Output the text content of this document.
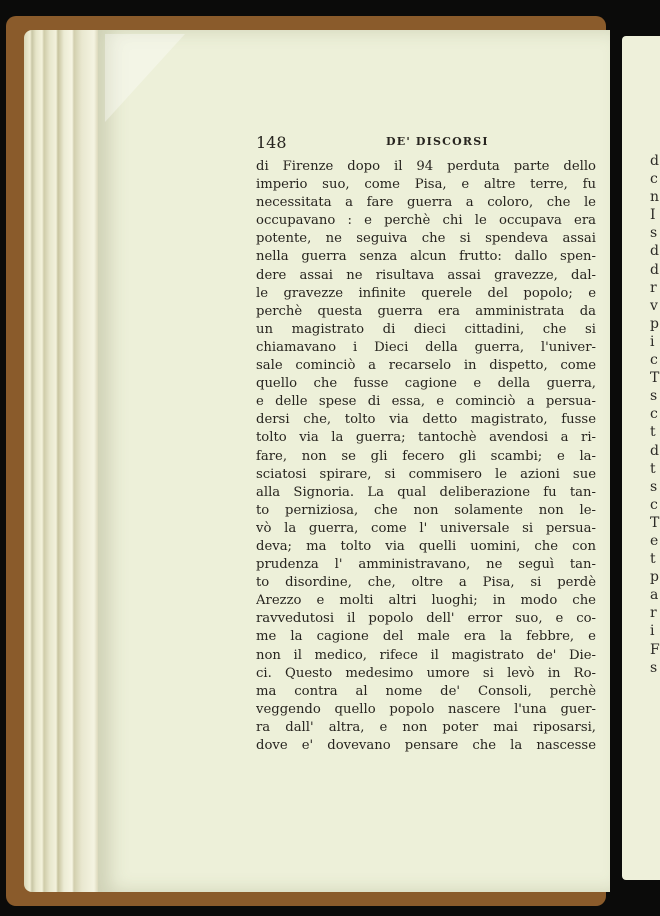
d
c
n
I
s
d
d
r
v
p
i
c
T
s
c
t
d
t
s
c
T
e
t
p
a
r
i
F
s
148	DE' DISCORSI
di Firenze dopo il 94 perduta parte dello
imperio suo, come Pisa, e altre terre, fu
necessitata a fare guerra a coloro, che le
occupavano : e perchè chi le occupava era
potente, ne seguiva che si spendeva assai
nella guerra senza alcun frutto: dallo spen-
dere assai ne risultava assai gravezze, dal-
le gravezze infinite querele del popolo; e
perchè questa guerra era amministrata da
un magistrato di dieci cittadini, che si
chiamavano i Dieci della guerra, l'univer-
sale cominciò a recarselo in dispetto, come
quello che fusse cagione e della guerra,
e delle spese di essa, e cominciò a persua-
dersi che, tolto via detto magistrato, fusse
tolto via la guerra; tantochè avendosi a ri-
fare, non se gli fecero gli scambi; e la-
sciatosi spirare, si commisero le azioni sue
alla Signoria. La qual deliberazione fu tan-
to perniziosa, che non solamente non le-
vò la guerra, come l' universale si persua-
deva; ma tolto via quelli uomini, che con
prudenza l' amministravano, ne seguì tan-
to disordine, che, oltre a Pisa, si perdè
Arezzo e molti altri luoghi; in modo che
ravvedutosi il popolo dell' error suo, e co-
me la cagione del male era la febbre, e
non il medico, rifece il magistrato de' Die-
ci. Questo medesimo umore si levò in Ro-
ma contra al nome de' Consoli, perchè
veggendo quello popolo nascere l'una guer-
ra dall' altra, e non poter mai riposarsi,
dove e' dovevano pensare che la nascesse
